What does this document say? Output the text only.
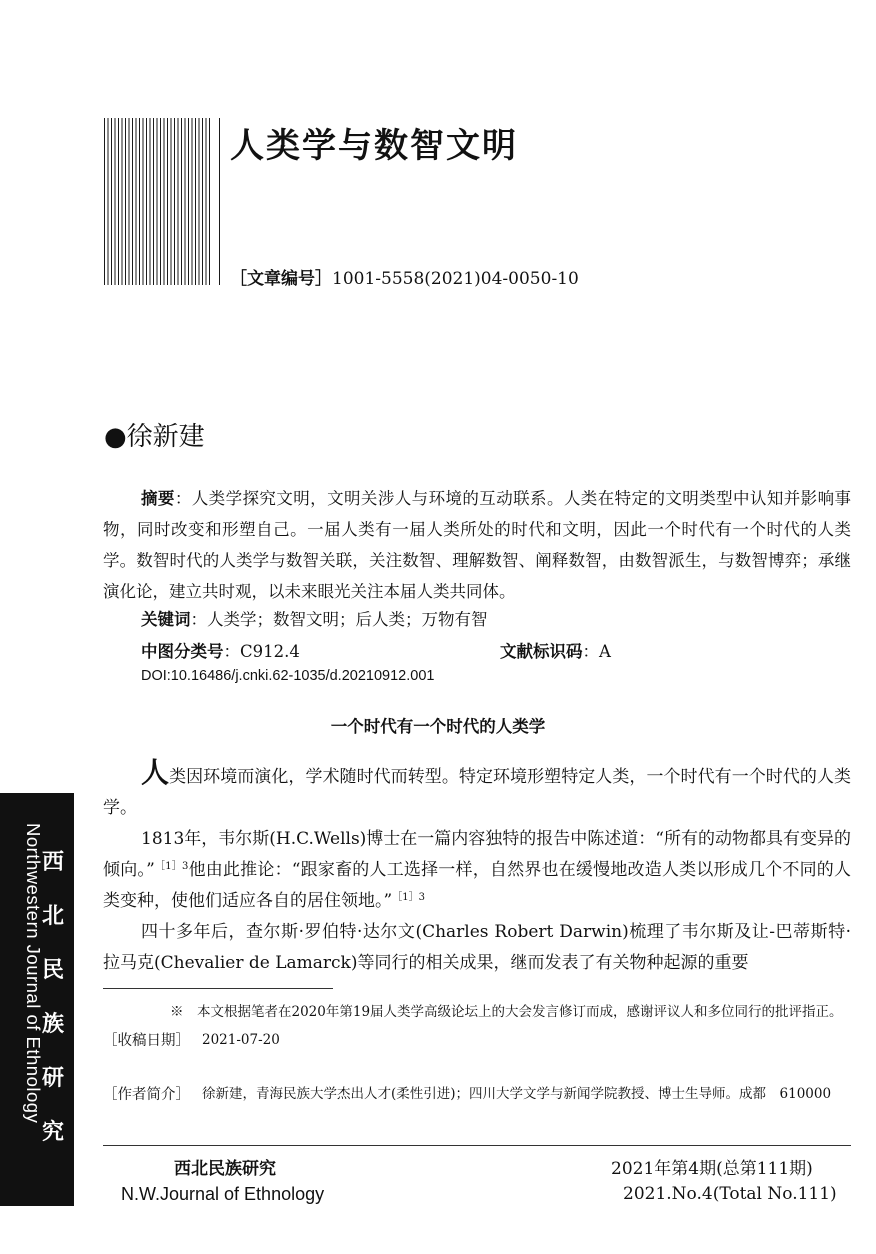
人类学与数智文明
［文章编号］1001-5558(2021)04-0050-10
●徐新建
摘要：人类学探究文明，文明关涉人与环境的互动联系。人类在特定的文明类型中认知并影响事物，同时改变和形塑自己。一届人类有一届人类所处的时代和文明，因此一个时代有一个时代的人类学。数智时代的人类学与数智关联，关注数智、理解数智、阐释数智，由数智派生，与数智博弈；承继演化论，建立共时观，以未来眼光关注本届人类共同体。
关键词：人类学；数智文明；后人类；万物有智
中图分类号：C912.4	文献标识码：A
DOI:10.16486/j.cnki.62-1035/d.20210912.001
一个时代有一个时代的人类学

人类因环境而演化，学术随时代而转型。特定环境形塑特定人类，一个时代有一个时代的人类学。

1813年，韦尔斯(H.C.Wells)博士在一篇内容独特的报告中陈述道：“所有的动物都具有变异的倾向。”$^{[1]3}$他由此推论：“跟家畜的人工选择一样，自然界也在缓慢地改造人类以形成几个不同的人类变种，使他们适应各自的居住领地。”$^{[1]3}$

四十多年后，查尔斯·罗伯特·达尔文(Charles Robert Darwin)梳理了韦尔斯及让-巴蒂斯特·拉马克(Chevalier de Lamarck)等同行的相关成果，继而发表了有关物种起源的重要

※　本文根据笔者在2020年第19届人类学高级论坛上的大会发言修订而成，感谢评议人和多位同行的批评指正。
［收稿日期］ 2021-07-20
［作者简介］ 徐新建，青海民族大学杰出人才(柔性引进)；四川大学文学与新闻学院教授、博士生导师。成都　610000
西北民族研究
N.W.Journal of Ethnology
2021年第4期(总第111期)
2021.No.4(Total No.111)
Northwestern Journal of Ethnology
西
北
民
族
研
究
